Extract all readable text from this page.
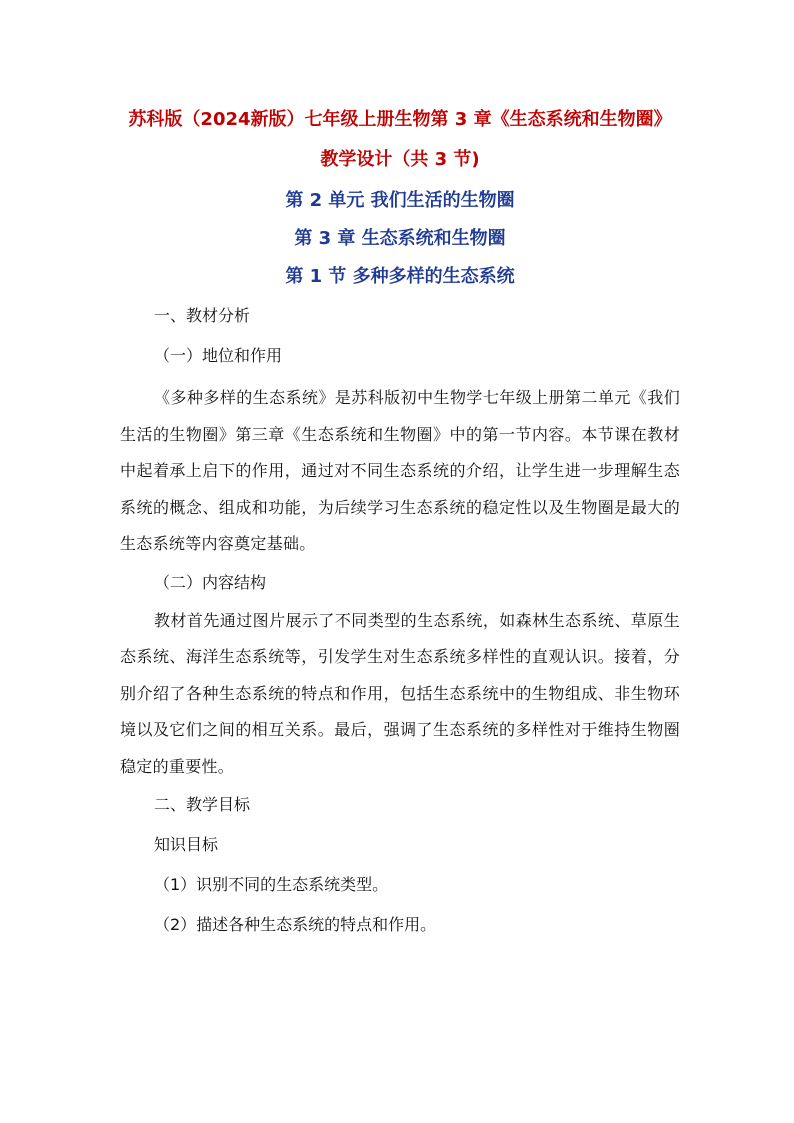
苏科版（2024新版）七年级上册生物第 3 章《生态系统和生物圈》

教学设计（共 3 节)

第 2 单元 我们生活的生物圈

第 3 章 生态系统和生物圈

第 1 节 多种多样的生态系统

一、教材分析

（一）地位和作用

《多种多样的生态系统》是苏科版初中生物学七年级上册第二单元《我们生活的生物圈》第三章《生态系统和生物圈》中的第一节内容。本节课在教材中起着承上启下的作用，通过对不同生态系统的介绍，让学生进一步理解生态系统的概念、组成和功能，为后续学习生态系统的稳定性以及生物圈是最大的生态系统等内容奠定基础。

（二）内容结构

教材首先通过图片展示了不同类型的生态系统，如森林生态系统、草原生态系统、海洋生态系统等，引发学生对生态系统多样性的直观认识。接着，分别介绍了各种生态系统的特点和作用，包括生态系统中的生物组成、非生物环境以及它们之间的相互关系。最后，强调了生态系统的多样性对于维持生物圈稳定的重要性。

二、教学目标

知识目标

（1）识别不同的生态系统类型。

（2）描述各种生态系统的特点和作用。
